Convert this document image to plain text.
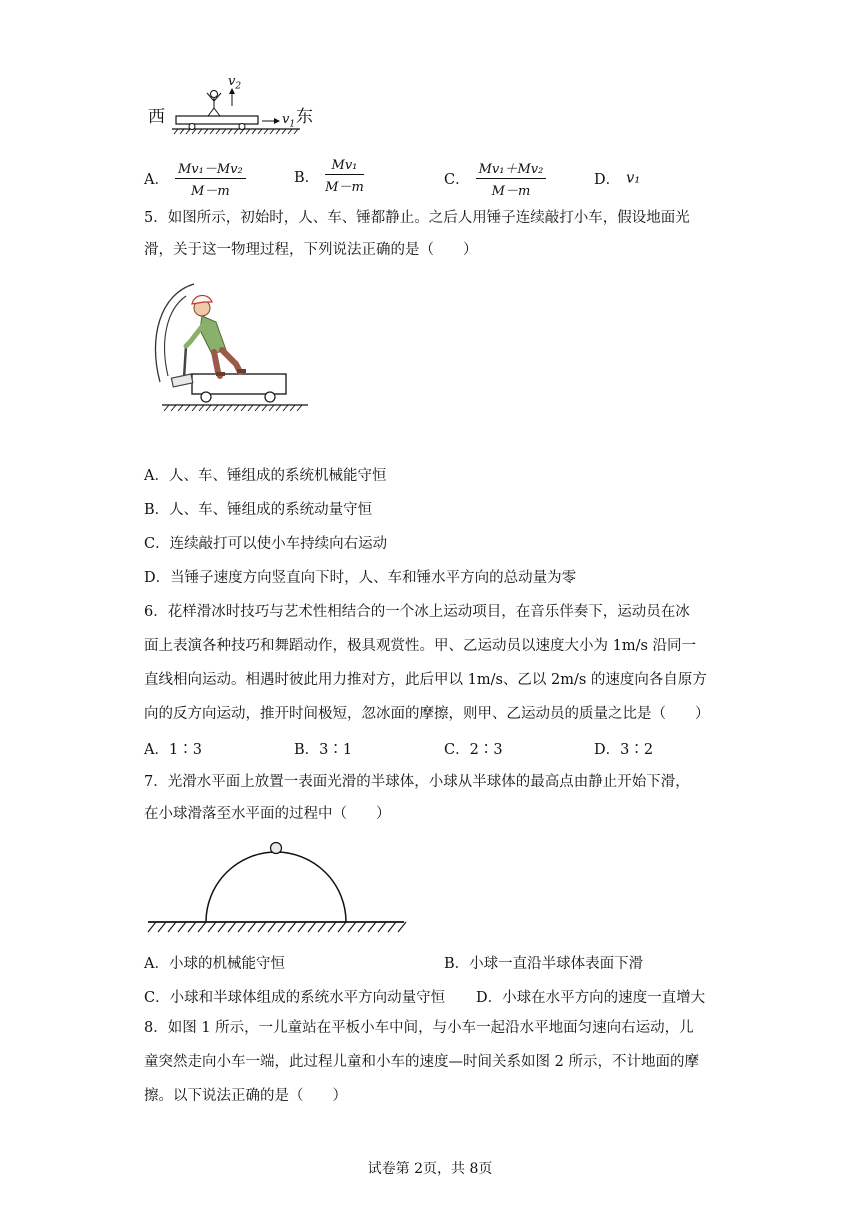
西	东
$v_2$
$v_1$
A． $\frac{\text{Mv₁－Mv₂}}{M-m}$	B． $\frac{\text{Mv₁}}{M-m}$	C． $\frac{\text{Mv₁＋Mv₂}}{M-m}$	D． v₁
5．如图所示，初始时，人、车、锤都静止。之后人用锤子连续敲打小车，假设地面光
滑，关于这一物理过程，下列说法正确的是（　　）
A．人、车、锤组成的系统机械能守恒
B．人、车、锤组成的系统动量守恒
C．连续敲打可以使小车持续向右运动
D．当锤子速度方向竖直向下时，人、车和锤水平方向的总动量为零
6．花样滑冰时技巧与艺术性相结合的一个冰上运动项目，在音乐伴奏下，运动员在冰
面上表演各种技巧和舞蹈动作，极具观赏性。甲、乙运动员以速度大小为 1m/s 沿同一
直线相向运动。相遇时彼此用力推对方，此后甲以 1m/s、乙以 2m/s 的速度向各自原方
向的反方向运动，推开时间极短，忽冰面的摩擦，则甲、乙运动员的质量之比是（　　）
A．1∶3	B．3∶1	C．2∶3	D．3∶2
7．光滑水平面上放置一表面光滑的半球体，小球从半球体的最高点由静止开始下滑，
在小球滑落至水平面的过程中（　　）
A．小球的机械能守恒	B．小球一直沿半球体表面下滑
C．小球和半球体组成的系统水平方向动量守恒 D．小球在水平方向的速度一直增大
8．如图 1 所示，一儿童站在平板小车中间，与小车一起沿水平地面匀速向右运动，儿
童突然走向小车一端，此过程儿童和小车的速度—时间关系如图 2 所示，不计地面的摩
擦。以下说法正确的是（　　）
试卷第 2页，共 8页
